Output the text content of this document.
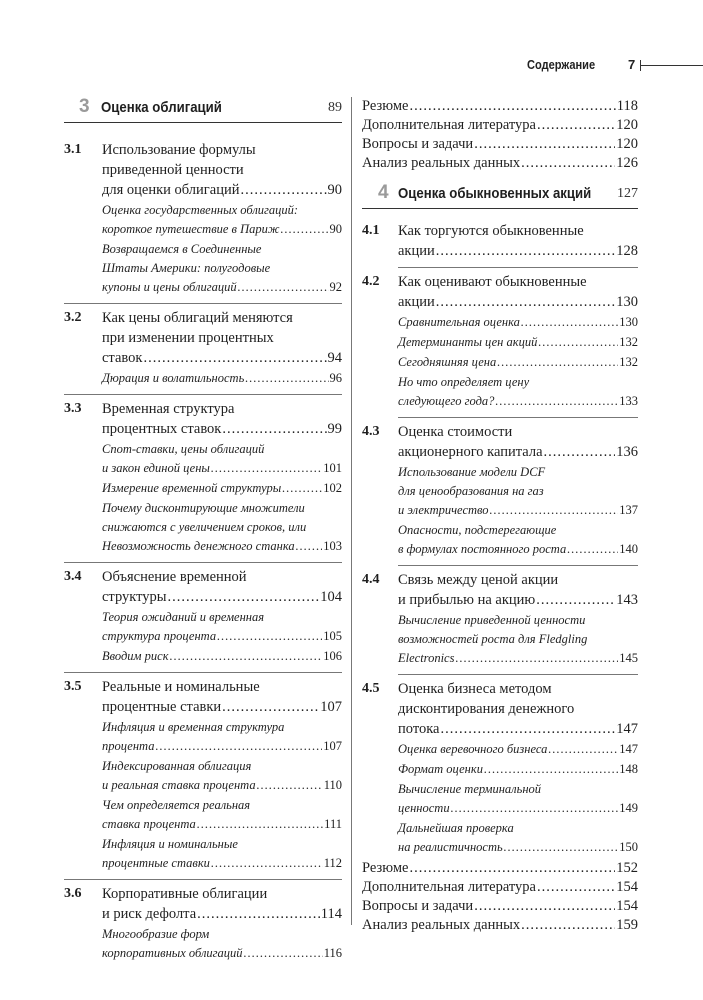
Содержание	7
3 Оценка облигаций	89
3.1 Использование формулы
приведенной ценности
для оценки облигаций .....	90
Оценка государственных облигаций:
короткое путешествие в Париж .....	90
Возвращаемся в Соединенные
Штаты Америки: полугодовые
купоны и цены облигаций .....	92
3.2 Как цены облигаций меняются
при изменении процентных
ставок .....	94
Дюрация и волатильность .....	96
3.3 Временная структура
процентных ставок .....	99
Спот-ставки, цены облигаций
и закон единой цены .....	101
Измерение временной структуры .....	102
Почему дисконтирующие множители
снижаются с увеличением сроков, или
Невозможность денежного станка ..... 103
3.4 Объяснение временной
структуры .....	104
Теория ожиданий и временная
структура процента .....	105
Вводим риск .....	106
3.5 Реальные и номинальные
процентные ставки .....	107
Инфляция и временная структура
процента .....	107
Индексированная облигация
и реальная ставка процента .....	110
Чем определяется реальная
ставка процента .....	111
Инфляция и номинальные
процентные ставки .....	112
3.6 Корпоративные облигации
и риск дефолта .....	114
Многообразие форм
корпоративных облигаций .....	116
Резюме .....	118
Дополнительная литература .....	120
Вопросы и задачи .....	120
Анализ реальных данных .....	126
4 Оценка обыкновенных акций 127
4.1 Как торгуются обыкновенные
акции .....	128
4.2 Как оценивают обыкновенные
акции .....	130
Сравнительная оценка .....	130
Детерминанты цен акций .....	132
Сегодняшняя цена .....	132
Но что определяет цену
следующего года? .....	133
4.3 Оценка стоимости
акционерного капитала .....	136
Использование модели DCF
для ценообразования на газ
и электричество .....	137
Опасности, подстерегающие
в формулах постоянного роста .....	140
4.4 Связь между ценой акции
и прибылью на акцию .....	143
Вычисление приведенной ценности
возможностей роста для Fledgling
Electronics .....	145
4.5 Оценка бизнеса методом
дисконтирования денежного
потока .....	147
Оценка веревочного бизнеса .....	147
Формат оценки .....	148
Вычисление терминальной
ценности .....	149
Дальнейшая проверка
на реалистичность .....	150
Резюме .....	152
Дополнительная литература .....	154
Вопросы и задачи .....	154
Анализ реальных данных .....	159
